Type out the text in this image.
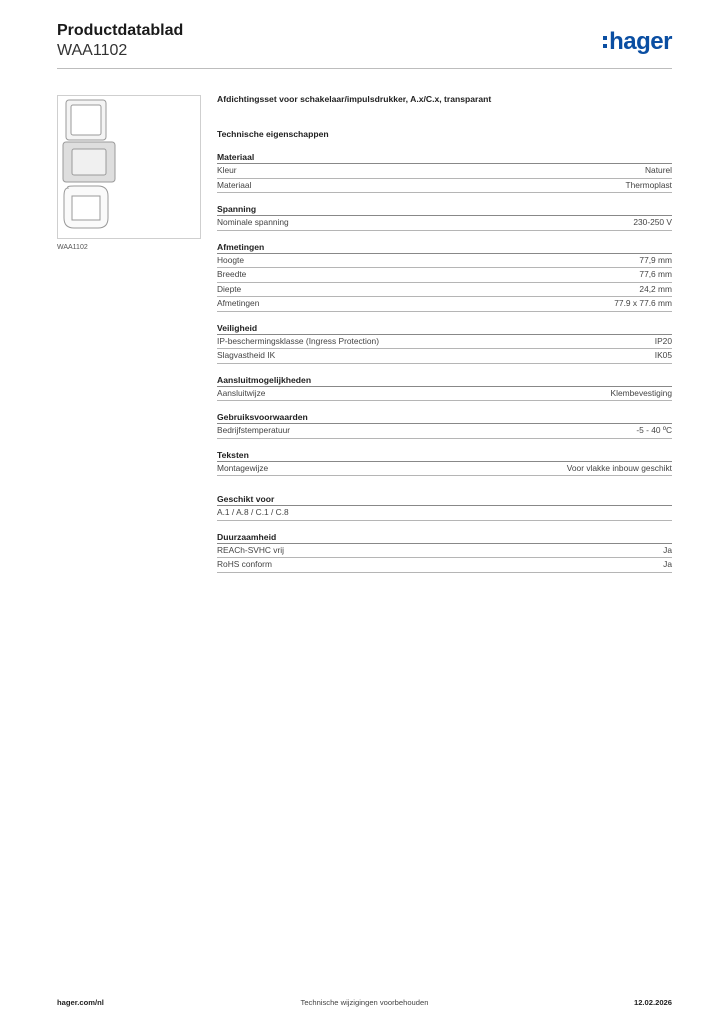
Productdatablad
WAA1102	hager
WAA1102
Afdichtingsset voor schakelaar/impulsdrukker, A.x/C.x, transparant
Technische eigenschappen
Materiaal
Kleur	Naturel
Materiaal	Thermoplast
Spanning
Nominale spanning	230-250 V
Afmetingen
Hoogte	77,9 mm
Breedte	77,6 mm
Diepte	24,2 mm
Afmetingen	77.9 x 77.6 mm
Veiligheid
IP-beschermingsklasse (Ingress Protection)	IP20
Slagvastheid IK	IK05
Aansluitmogelijkheden
Aansluitwijze	Klembevestiging
Gebruiksvoorwaarden
Bedrijfstemperatuur	-5 - 40 ºC
Teksten
Montagewijze	Voor vlakke inbouw geschikt
Geschikt voor
A.1 / A.8 / C.1 / C.8
Duurzaamheid
REACh-SVHC vrij	Ja
RoHS conform	Ja
hager.com/nl	Technische wijzigingen voorbehouden	12.02.2026
